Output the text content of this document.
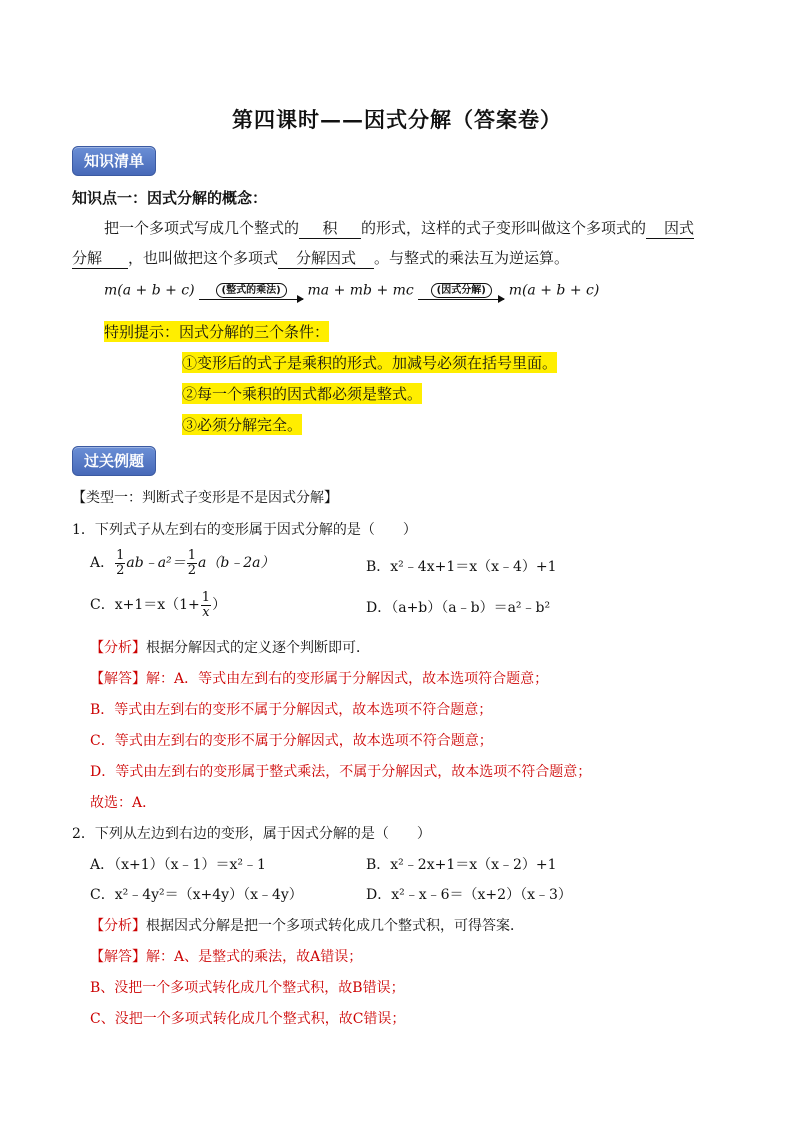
第四课时——因式分解（答案卷）
知识清单
知识点一：因式分解的概念：
把一个多项式写成几个整式的 积 的形式，这样的式子变形叫做这个多项式的 因式
分解 ，也叫做把这个多项式 分解因式 。与整式的乘法互为逆运算。
m(a + b + c)	(整式的乘法) ma + mb + mc (因式分解) m(a + b + c)
特别提示：因式分解的三个条件：
①变形后的式子是乘积的形式。加减号必须在括号里面。
②每一个乘积的因式都必须是整式。
③必须分解完全。
过关例题
【类型一：判断式子变形是不是因式分解】
1．下列式子从左到右的变形属于因式分解的是（　　）
A． $\frac{1}{2}$ ab﹣a²＝ $\frac{1}{2}$ a（b﹣2a）	B．x²﹣4x+1＝x（x﹣4）+1
C．$x+1=x(1+ \frac{1}{x}$ ）	D．（a+b）（a﹣b）＝a²﹣b²
【分析】根据分解因式的定义逐个判断即可．
【解答】解：A．等式由左到右的变形属于分解因式，故本选项符合题意；
B．等式由左到右的变形不属于分解因式，故本选项不符合题意；
C．等式由左到右的变形不属于分解因式，故本选项不符合题意；
D．等式由左到右的变形属于整式乘法，不属于分解因式，故本选项不符合题意；
故选：A．
2．下列从左边到右边的变形，属于因式分解的是（　　）
A．（x+1）（x﹣1）＝x²﹣1	B．x²﹣2x+1＝x（x﹣2）+1
C．x²﹣4y²＝（x+4y）（x﹣4y）	D．x²﹣x﹣6＝（x+2）（x﹣3）
【分析】根据因式分解是把一个多项式转化成几个整式积，可得答案．
【解答】解：A、是整式的乘法，故A错误；
B、没把一个多项式转化成几个整式积，故B错误；
C、没把一个多项式转化成几个整式积，故C错误；
